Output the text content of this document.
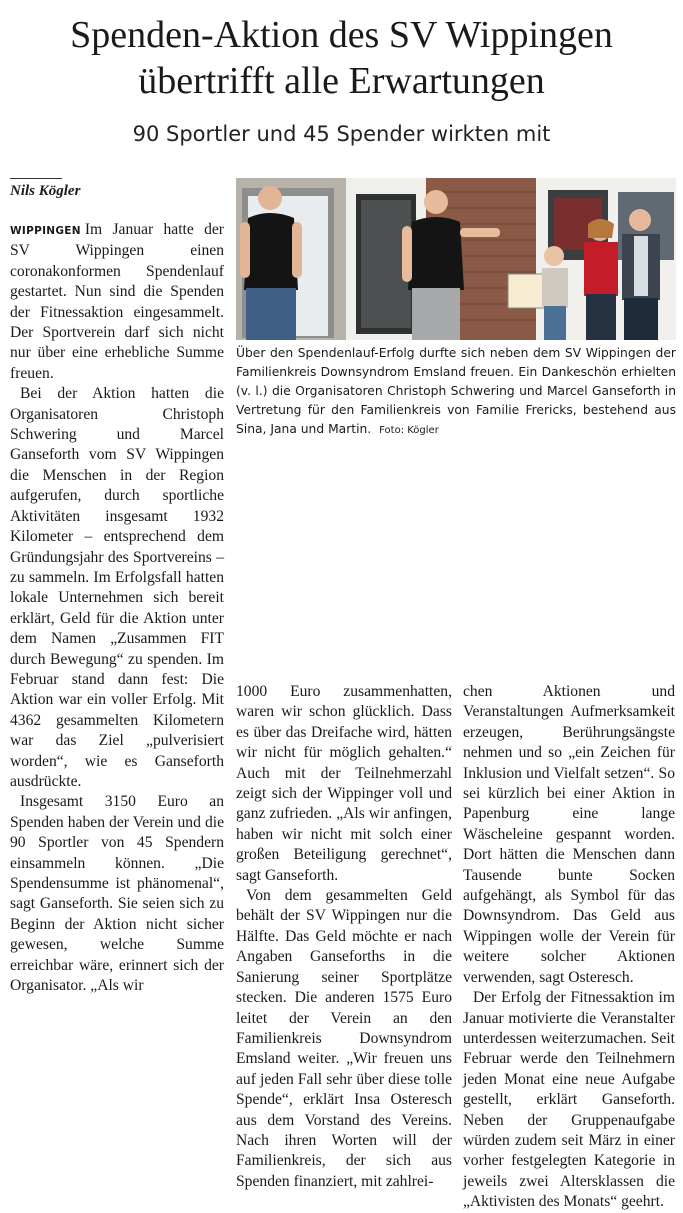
Spenden-Aktion des SV Wippingen
übertrifft alle Erwartungen
90 Sportler und 45 Spender wirkten mit
Nils Kögler
Über den Spendenlauf-Erfolg durfte sich neben dem SV Wippingen der Familienkreis Downsyndrom Emsland freuen. Ein Dankeschön erhielten (v. l.) die Organisatoren Christoph Schwering und Marcel Ganseforth in Vertretung für den Familienkreis von Familie Frericks, bestehend aus Sina, Jana und Martin. Foto: Kögler

WIPPINGEN Im Januar hatte der SV Wippingen einen coronakonformen Spendenlauf gestartet. Nun sind die Spenden der Fitnessaktion eingesammelt. Der Sportverein darf sich nicht nur über eine erhebliche Summe freuen.

Bei der Aktion hatten die Organisatoren Christoph Schwering und Marcel Ganseforth vom SV Wippingen die Menschen in der Region aufgerufen, durch sportliche Aktivitäten insgesamt 1932 Kilometer – entsprechend dem Gründungsjahr des Sportvereins – zu sammeln. Im Erfolgsfall hatten lokale Unternehmen sich bereit erklärt, Geld für die Aktion unter dem Namen „Zusammen FIT durch Bewegung“ zu spenden. Im Februar stand dann fest: Die Aktion war ein voller Erfolg. Mit 4362 gesammelten Kilometern war das Ziel „pulverisiert worden“, wie es Ganseforth ausdrückte.

Insgesamt 3150 Euro an Spenden haben der Verein und die 90 Sportler von 45 Spendern einsammeln können. „Die Spendensumme ist phänomenal“, sagt Ganseforth. Sie seien sich zu Beginn der Aktion nicht sicher gewesen, welche Summe erreichbar wäre, erinnert sich der Organisator. „Als wir

1000 Euro zusammenhatten, waren wir schon glücklich. Dass es über das Dreifache wird, hätten wir nicht für möglich gehalten.“ Auch mit der Teilnehmerzahl zeigt sich der Wippinger voll und ganz zufrieden. „Als wir anfingen, haben wir nicht mit solch einer großen Beteiligung gerechnet“, sagt Ganseforth.

Von dem gesammelten Geld behält der SV Wippingen nur die Hälfte. Das Geld möchte er nach Angaben Ganseforths in die Sanierung seiner Sportplätze stecken. Die anderen 1575 Euro leitet der Verein an den Familienkreis Downsyndrom Emsland weiter. „Wir freuen uns auf jeden Fall sehr über diese tolle Spende“, erklärt Insa Osteresch aus dem Vorstand des Vereins. Nach ihren Worten will der Familienkreis, der sich aus Spenden finanziert, mit zahlrei-

chen Aktionen und Veranstaltungen Aufmerksamkeit erzeugen, Berührungsängste nehmen und so „ein Zeichen für Inklusion und Vielfalt setzen“. So sei kürzlich bei einer Aktion in Papenburg eine lange Wäscheleine gespannt worden. Dort hätten die Menschen dann Tausende bunte Socken aufgehängt, als Symbol für das Downsyndrom. Das Geld aus Wippingen wolle der Verein für weitere solcher Aktionen verwenden, sagt Osteresch.

Der Erfolg der Fitnessaktion im Januar motivierte die Veranstalter unterdessen weiterzumachen. Seit Februar werde den Teilnehmern jeden Monat eine neue Aufgabe gestellt, erklärt Ganseforth. Neben der Gruppenaufgabe würden zudem seit März in einer vorher festgelegten Kategorie in jeweils zwei Altersklassen die „Aktivisten des Monats“ geehrt.
